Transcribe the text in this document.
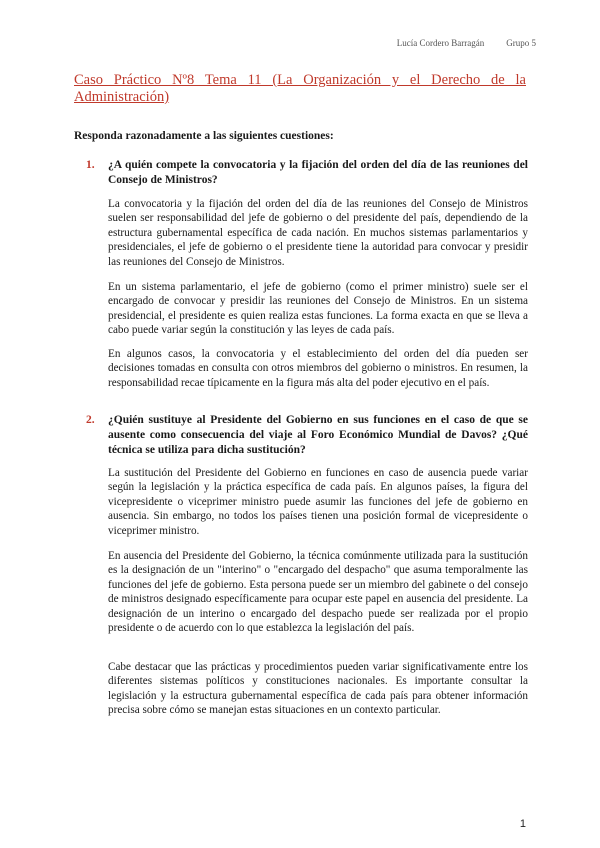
Lucía Cordero Barragán Grupo 5
Caso Práctico Nº8 Tema 11 (La Organización y el Derecho de la Administración)
Responda razonadamente a las siguientes cuestiones:
1.	¿A quién compete la convocatoria y la fijación del orden del día de las reuniones del Consejo de Ministros?

La convocatoria y la fijación del orden del día de las reuniones del Consejo de Ministros suelen ser responsabilidad del jefe de gobierno o del presidente del país, dependiendo de la estructura gubernamental específica de cada nación. En muchos sistemas parlamentarios y presidenciales, el jefe de gobierno o el presidente tiene la autoridad para convocar y presidir las reuniones del Consejo de Ministros.

En un sistema parlamentario, el jefe de gobierno (como el primer ministro) suele ser el encargado de convocar y presidir las reuniones del Consejo de Ministros. En un sistema presidencial, el presidente es quien realiza estas funciones. La forma exacta en que se lleva a cabo puede variar según la constitución y las leyes de cada país.

En algunos casos, la convocatoria y el establecimiento del orden del día pueden ser decisiones tomadas en consulta con otros miembros del gobierno o ministros. En resumen, la responsabilidad recae típicamente en la figura más alta del poder ejecutivo en el país.

2.	¿Quién sustituye al Presidente del Gobierno en sus funciones en el caso de que se ausente como consecuencia del viaje al Foro Económico Mundial de Davos? ¿Qué técnica se utiliza para dicha sustitución?

La sustitución del Presidente del Gobierno en funciones en caso de ausencia puede variar según la legislación y la práctica específica de cada país. En algunos países, la figura del vicepresidente o viceprimer ministro puede asumir las funciones del jefe de gobierno en ausencia. Sin embargo, no todos los países tienen una posición formal de vicepresidente o viceprimer ministro.

En ausencia del Presidente del Gobierno, la técnica comúnmente utilizada para la sustitución es la designación de un "interino" o "encargado del despacho" que asuma temporalmente las funciones del jefe de gobierno. Esta persona puede ser un miembro del gabinete o del consejo de ministros designado específicamente para ocupar este papel en ausencia del presidente. La designación de un interino o encargado del despacho puede ser realizada por el propio presidente o de acuerdo con lo que establezca la legislación del país.

Cabe destacar que las prácticas y procedimientos pueden variar significativamente entre los diferentes sistemas políticos y constituciones nacionales. Es importante consultar la legislación y la estructura gubernamental específica de cada país para obtener información precisa sobre cómo se manejan estas situaciones en un contexto particular.

1
